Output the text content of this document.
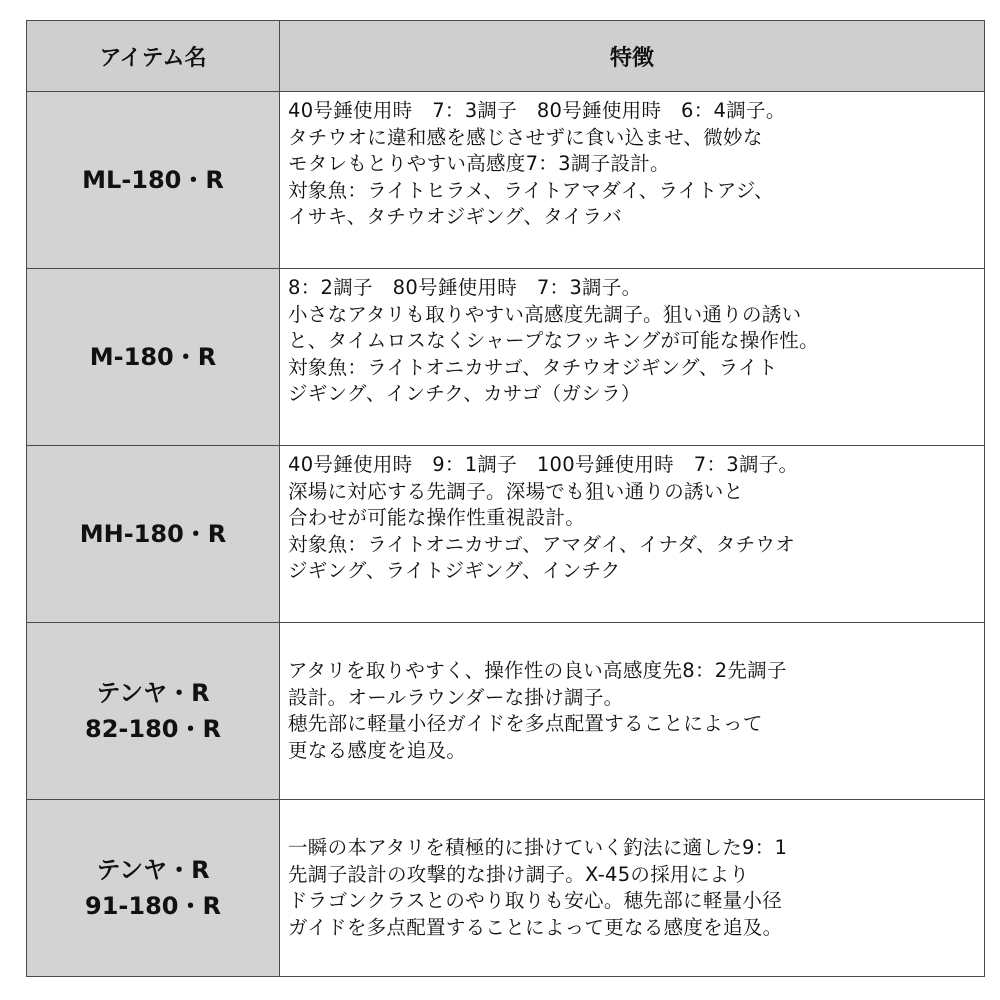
アイテム名	特徴

ML-180・R	40号錘使用時　7：3調子　80号錘使用時　6：4調子。
タチウオに違和感を感じさせずに食い込ませ、微妙な
モタレもとりやすい高感度7：3調子設計。
対象魚：ライトヒラメ、ライトアマダイ、ライトアジ、
イサキ、タチウオジギング、タイラバ

M-180・R	8：2調子　80号錘使用時　7：3調子。
小さなアタリも取りやすい高感度先調子。狙い通りの誘い
と、タイムロスなくシャープなフッキングが可能な操作性。
対象魚：ライトオニカサゴ、タチウオジギング、ライト
ジギング、インチク、カサゴ（ガシラ）

MH-180・R	40号錘使用時　9：1調子　100号錘使用時　7：3調子。
深場に対応する先調子。深場でも狙い通りの誘いと
合わせが可能な操作性重視設計。
対象魚：ライトオニカサゴ、アマダイ、イナダ、タチウオ
ジギング、ライトジギング、インチク

テンヤ・R
82-180・R	アタリを取りやすく、操作性の良い高感度先8：2先調子
設計。オールラウンダーな掛け調子。
穂先部に軽量小径ガイドを多点配置することによって
更なる感度を追及。

テンヤ・R
91-180・R	一瞬の本アタリを積極的に掛けていく釣法に適した9：1
先調子設計の攻撃的な掛け調子。X-45の採用により
ドラゴンクラスとのやり取りも安心。穂先部に軽量小径
ガイドを多点配置することによって更なる感度を追及。
